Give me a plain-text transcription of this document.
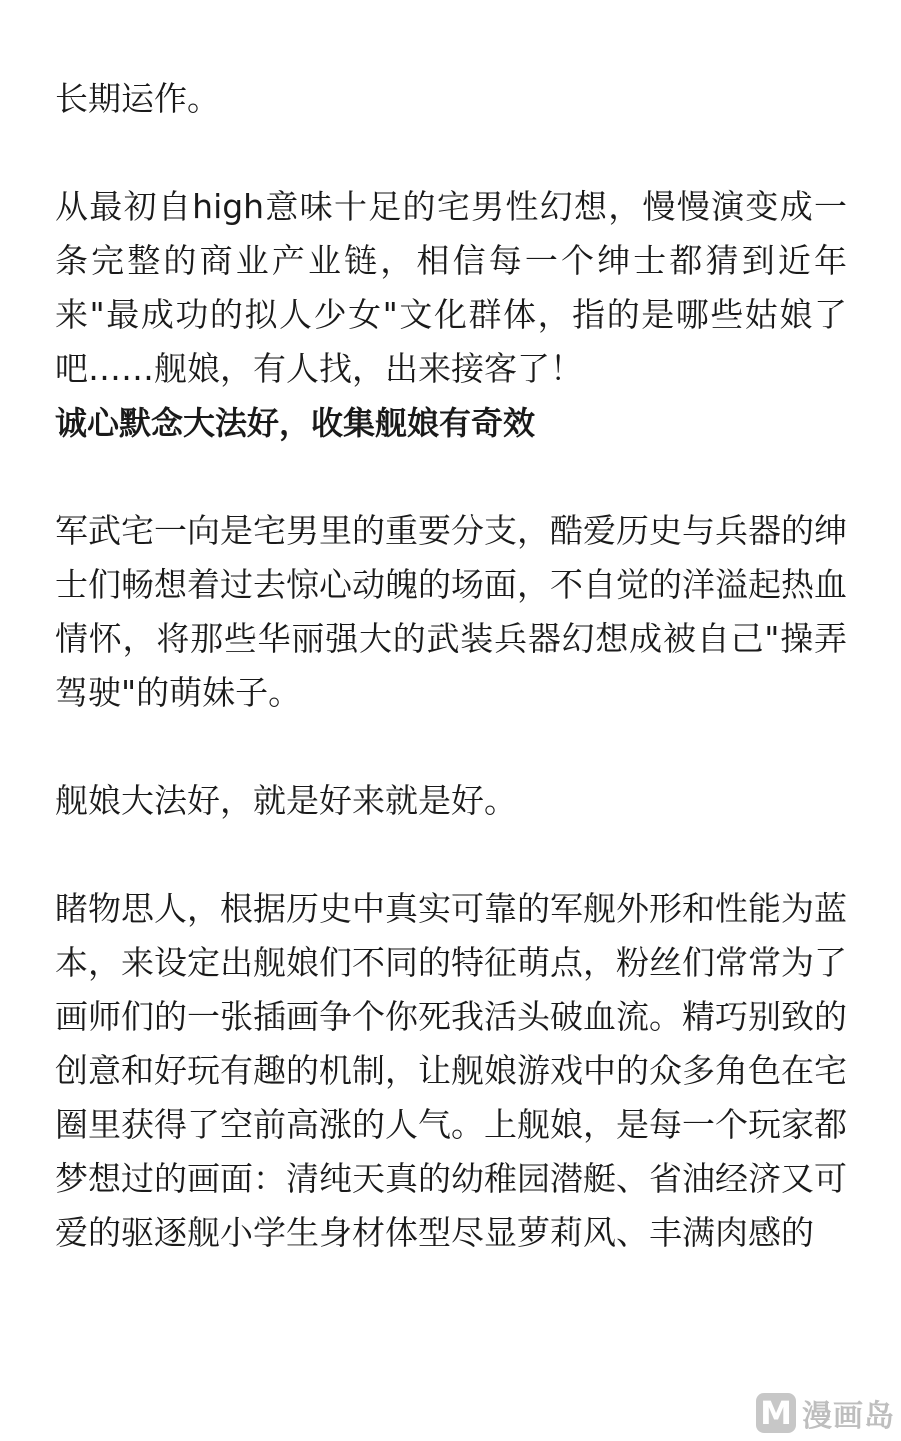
长期运作。

从最初自high意味十足的宅男性幻想，慢慢演变成一条完整的商业产业链，相信每一个绅士都猜到近年来"最成功的拟人少女"文化群体，指的是哪些姑娘了吧……舰娘，有人找，出来接客了！

诚心默念大法好，收集舰娘有奇效

军武宅一向是宅男里的重要分支，酷爱历史与兵器的绅士们畅想着过去惊心动魄的场面，不自觉的洋溢起热血情怀，将那些华丽强大的武装兵器幻想成被自己"操弄驾驶"的萌妹子。

舰娘大法好，就是好来就是好。

睹物思人，根据历史中真实可靠的军舰外形和性能为蓝本，来设定出舰娘们不同的特征萌点，粉丝们常常为了画师们的一张插画争个你死我活头破血流。精巧别致的创意和好玩有趣的机制，让舰娘游戏中的众多角色在宅圈里获得了空前高涨的人气。上舰娘，是每一个玩家都梦想过的画面：清纯天真的幼稚园潜艇、省油经济又可爱的驱逐舰小学生身材体型尽显萝莉风、丰满肉感的

M 漫画岛
